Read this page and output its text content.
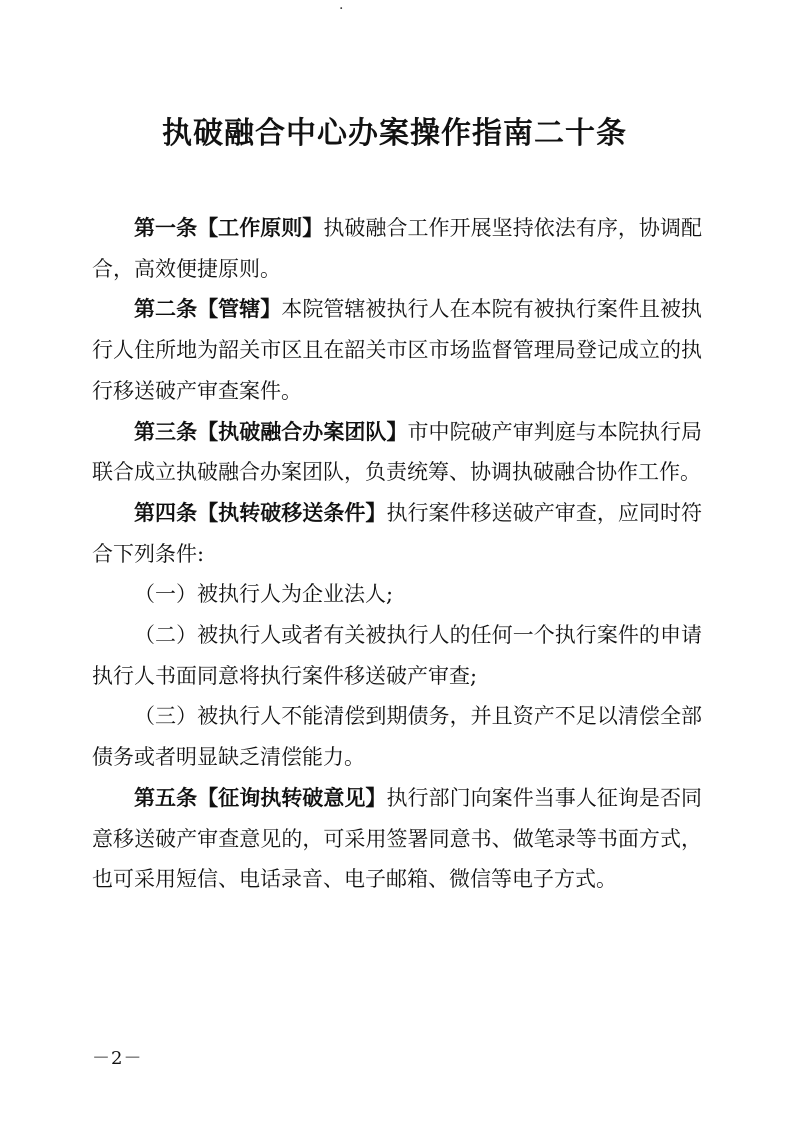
·
执破融合中心办案操作指南二十条

第一条【工作原则】执破融合工作开展坚持依法有序，协调配合，高效便捷原则。

第二条【管辖】本院管辖被执行人在本院有被执行案件且被执行人住所地为韶关市区且在韶关市区市场监督管理局登记成立的执行移送破产审查案件。

第三条【执破融合办案团队】市中院破产审判庭与本院执行局联合成立执破融合办案团队，负责统筹、协调执破融合协作工作。

第四条【执转破移送条件】执行案件移送破产审查，应同时符合下列条件:

（一）被执行人为企业法人;

（二）被执行人或者有关被执行人的任何一个执行案件的申请执行人书面同意将执行案件移送破产审查;

（三）被执行人不能清偿到期债务，并且资产不足以清偿全部债务或者明显缺乏清偿能力。

第五条【征询执转破意见】执行部门向案件当事人征询是否同意移送破产审查意见的，可采用签署同意书、做笔录等书面方式，也可采用短信、电话录音、电子邮箱、微信等电子方式。

－2－
